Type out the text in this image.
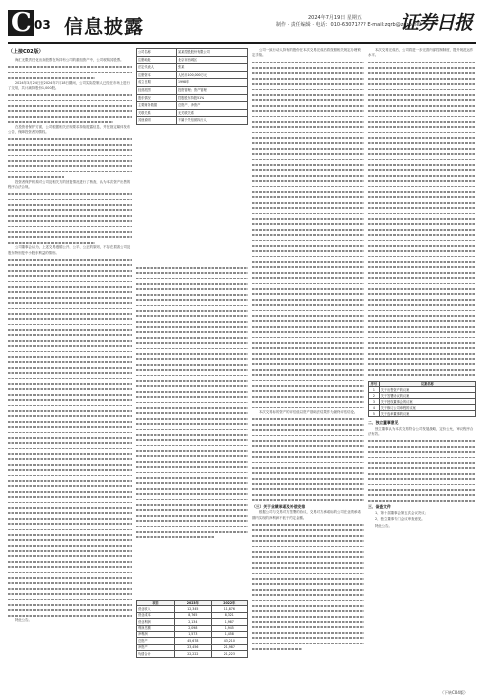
C 03 信息披露	2024年7月19日 星期五
制作 · 责任编辑 · 电话：010-63071??? E-mail:zqrb@zqrb.net
证券日报
（上接C02版）

海汇无限责任化出卖股票在所持有公司的重组资产中，公司收购其股票。

2024年3月24日至2024年7月18日期间，公司实际控制人已经在市场上进行了交易，共计减持股份1,000股。

在投资者保护方面，公司根据相关法规要求持续披露信息，并在指定媒体发布公告，保障投资者知情权。

投资者保护机构对公司及相关方的回复情况进行了核查，认为本次资产出售的程序合法合规。

公司董事会认为，上述交易遵循公开、公平、公正的原则，不存在损害公司及股东特别是中小股东利益的情形。

特此公告。

公司名称	某某控股股份有限公司
注册地址	北京市西城区
法定代表人	张某
注册资本	人民币100,000万元
成立日期	1998年
经营范围	投资管理；资产管理
股东情况	控股股东持股51%
主要财务数据	总资产、净资产
关联关系	无关联关系
其他说明	不属于失信被执行人
项目	2023年	2022年
营业收入	12,345	11,876
营业成本	8,765	8,321
营业利润	2,134	1,987
利润总额	2,098	1,945
净利润	1,573	1,458
总资产	45,678	43,210
净资产	23,456	21,987
负债合计	22,222	21,223

公司一致行动人持有的股份在本次交易完成后将按照相关规定办理锁定手续。

本次交易标的资产的评估值以资产基础法结果作为最终评估结论。

（三）关于业绩承诺及补偿安排

根据公司与交易对方签署的协议，交易对方承诺标的公司在业绩承诺期内实现的净利润不低于约定金额。

本次交易完成后，公司将进一步完善内部控制制度，提升规范运作水平。

序号	议案名称
1	关于出售资产的议案
2	关于签署协议的议案
3	关于授权董事会的议案
4	关于修订公司章程的议案
5	关于选举董事的议案
二、独立董事意见

独立董事认为本次交易符合公司发展战略，定价公允，审议程序合法有效。

三、备查文件

1、第十届董事会第五次会议决议；

2、独立董事专门会议审查意见。

特此公告。

（下转C04版）
